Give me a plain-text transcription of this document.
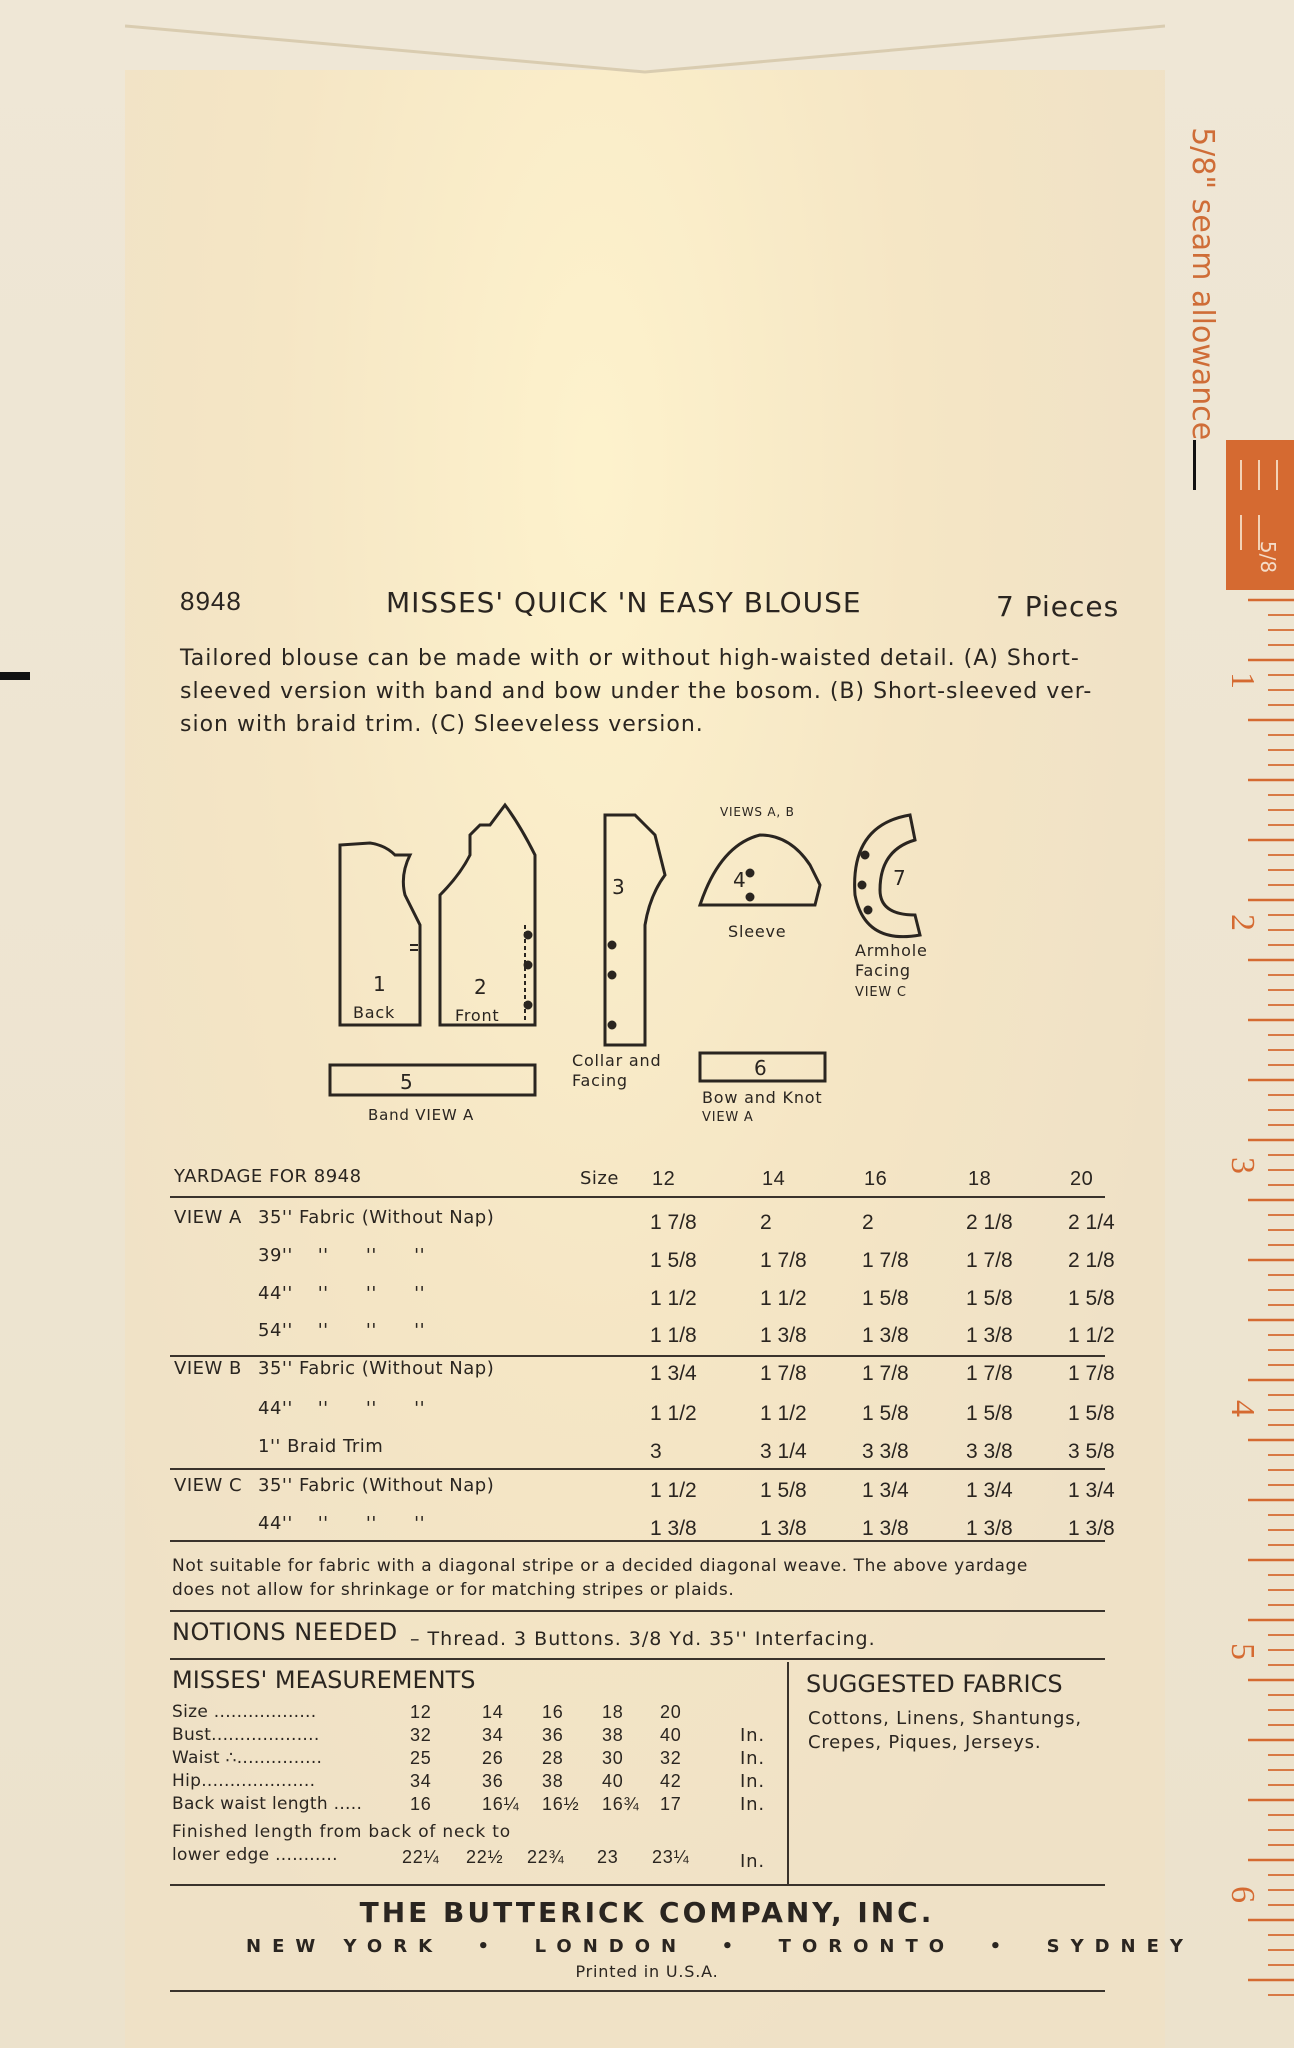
1
2
3
4
5
6

5/8" seam allowance

5/8
8948	MISSES' QUICK 'N EASY BLOUSE	7 Pieces
Tailored blouse can be made with or without high-waisted detail. (A) Short-
sleeved version with band and bow under the bosom. (B) Short-sleeved ver-
sion with braid trim. (C) Sleeveless version.
1
Back
2
Front
3
Collar and
Facing
VIEWS A, B
4
Sleeve
7
Armhole
Facing
VIEW C
5
Band VIEW A
6
Bow and Knot
VIEW A
YARDAGE FOR 8948	Size 12	14	16	18	20
VIEW A 35'' Fabric (Without Nap)	1 7/8	2	2	2 1/8	2 1/4
39''    ''      ''      ''	1 5/8	1 7/8	1 7/8	1 7/8	2 1/8
44''    ''      ''      ''	1 1/2	1 1/2	1 5/8	1 5/8	1 5/8
54''    ''      ''      ''	1 1/8	1 3/8	1 3/8	1 3/8	1 1/2
VIEW B 35'' Fabric (Without Nap)	1 3/4	1 7/8	1 7/8	1 7/8	1 7/8
44''    ''      ''      ''	1 1/2	1 1/2	1 5/8	1 5/8	1 5/8
1'' Braid Trim	3	3 1/4	3 3/8	3 3/8	3 5/8
VIEW C 35'' Fabric (Without Nap)	1 1/2	1 5/8	1 3/4	1 3/4	1 3/4
44''    ''      ''      ''	1 3/8	1 3/8	1 3/8	1 3/8	1 3/8
Not suitable for fabric with a diagonal stripe or a decided diagonal weave. The above yardage
does not allow for shrinkage or for matching stripes or plaids.
NOTIONS NEEDED – Thread. 3 Buttons. 3/8 Yd. 35'' Interfacing.
MISSES' MEASUREMENTS
Size ..................	12	14 16 18 20
Bust...................	32	34 36 38 40	In.
Waist ∴...............	25	26 28 30 32	In.
Hip....................	34	36 38 40 42	In.
Back waist length .....	16	16¼ 16½ 16¾ 17	In.
Finished length from back of neck to
lower edge ...........	22¼ 22½ 22¾ 23 23¼	In.
SUGGESTED FABRICS
Cottons, Linens, Shantungs,
Crepes, Piques, Jerseys.
THE BUTTERICK COMPANY, INC.
NEW YORK  •  LONDON  •  TORONTO  •  SYDNEY
Printed in U.S.A.
